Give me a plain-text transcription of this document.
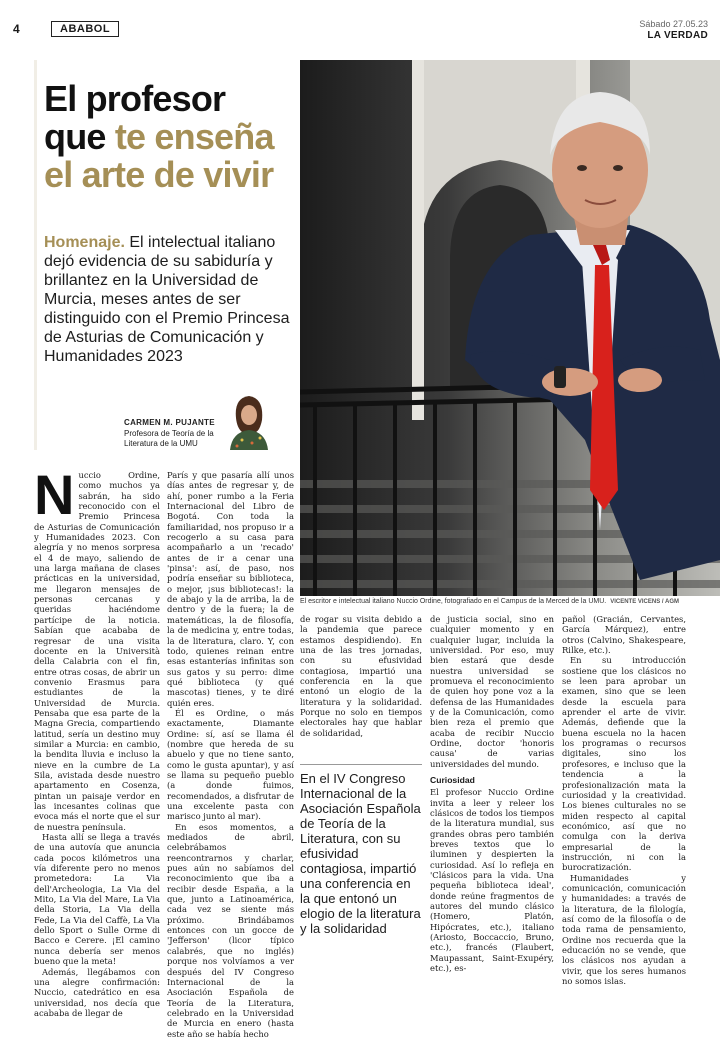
4	ABABOL	Sábado 27.05.23
LA VERDAD
El profesor
que te enseña
el arte de vivir
Homenaje. El intelectual italiano dejó evidencia de su sabiduría y brillantez en la Universidad de Murcia, meses antes de ser distinguido con el Premio Princesa de Asturias de Comunicación y Humanidades 2023
CARMEN M. PUJANTE
Profesora de Teoría de la Literatura de la UMU
El escritor e intelectual italiano Nuccio Ordine, fotografiado en el Campus de la Merced de la UMU. VICENTE VICENS / AGM

Nuccio Ordine, como muchos ya sabrán, ha sido reconocido con el Premio Princesa de Asturias de Comunicación y Humanidades 2023. Con alegría y no menos sorpresa el 4 de mayo, saliendo de una larga mañana de clases prácticas en la universidad, me llegaron mensajes de personas cercanas y queridas haciéndome partícipe de la noticia. Sabían que acababa de regresar de una visita docente en la Università della Calabria con el fin, entre otras cosas, de abrir un convenio Erasmus para estudiantes de la Universidad de Murcia. Pensaba que esa parte de la Magna Grecia, compartiendo latitud, sería un destino muy similar a Murcia: en cambio, la bendita lluvia e incluso la nieve en la cumbre de La Sila, avistada desde nuestro apartamento en Cosenza, pintan un paisaje verdor en las incesantes colinas que evoca más el norte que el sur de nuestra península.

Hasta allí se llega a través de una autovía que anuncia cada pocos kilómetros una vía diferente pero no menos prometedora: La Via dell'Archeologia, La Via del Mito, La Via del Mare, La Via della Storia, La Via della Fede, La Via del Caffè, La Via dello Sport o Sulle Orme di Bacco e Cerere. ¡El camino nunca debería ser menos bueno que la meta!

Además, llegábamos con una alegre confirmación: Nuccio, catedrático en esa universidad, nos decía que acababa de llegar de

París y que pasaría allí unos días antes de regresar y, de ahí, poner rumbo a la Feria Internacional del Libro de Bogotá. Con toda la familiaridad, nos propuso ir a recogerlo a su casa para acompañarlo a un 'recado' antes de ir a cenar una 'pinsa': así, de paso, nos podría enseñar su biblioteca, o mejor, ¡sus bibliotecas!: la de abajo y la de arriba, la de dentro y de la fuera; la de matemáticas, la de filosofía, la de medicina y, entre todas, la de literatura, claro. Y, con todo, quienes reinan entre esas estanterías infinitas son sus gatos y su perro: dime qué biblioteca (y qué mascotas) tienes, y te diré quién eres.

Él es Ordine, o más exactamente, Diamante Ordine: sí, así se llama él (nombre que hereda de su abuelo y que no tiene santo, como le gusta apuntar), y así se llama su pequeño pueblo (a donde fuimos, recomendados, a disfrutar de una excelente pasta con marisco junto al mar).

En esos momentos, a mediados de abril, celebrábamos reencontrarnos y charlar, pues aún no sabíamos del reconocimiento que iba a recibir desde España, a la que, junto a Latinoamérica, cada vez se siente más próximo. Brindábamos entonces con un gocce de 'Jefferson' (licor típico calabrés, que no inglés) porque nos volvíamos a ver después del IV Congreso Internacional de la Asociación Española de Teoría de la Literatura, celebrado en la Universidad de Murcia en enero (hasta este año se había hecho

de rogar su visita debido a la pandemia que parece estamos despidiendo). En una de las tres jornadas, con su efusividad contagiosa, impartió una conferencia en la que entonó un elogio de la literatura y la solidaridad. Porque no solo en tiempos electorales hay que hablar de solidaridad,

En el IV Congreso Internacional de la Asociación Española de Teoría de la Literatura, con su efusividad contagiosa, impartió una conferencia en la que entonó un elogio de la literatura y la solidaridad

de justicia social, sino en cualquier momento y en cualquier lugar, incluida la universidad. Por eso, muy bien estará que desde nuestra universidad se promueva el reconocimiento de quien hoy pone voz a la defensa de las Humanidades y de la Comunicación, como bien reza el premio que acaba de recibir Nuccio Ordine, doctor 'honoris causa' de varias universidades del mundo.

Curiosidad

El profesor Nuccio Ordine invita a leer y releer los clásicos de todos los tiempos de la literatura mundial, sus grandes obras pero también breves textos que lo iluminen y despierten la curiosidad. Así lo refleja en 'Clásicos para la vida. Una pequeña biblioteca ideal', donde reúne fragmentos de autores del mundo clásico (Homero, Platón, Hipócrates, etc.), italiano (Ariosto, Boccaccio, Bruno, etc.), francés (Flaubert, Maupassant, Saint-Exupéry, etc.), es-

pañol (Gracián, Cervantes, García Márquez), entre otros (Calvino, Shakespeare, Rilke, etc.).

En su introducción sostiene que los clásicos no se leen para aprobar un examen, sino que se leen desde la escuela para aprender el arte de vivir. Además, defiende que la buena escuela no la hacen los programas o recursos digitales, sino los profesores, e incluso que la tendencia a la profesionalización mata la curiosidad y la creatividad. Los bienes culturales no se miden respecto al capital económico, así que no comulga con la deriva empresarial de la instrucción, ni con la burocratización.

Humanidades y comunicación, comunicación y humanidades: a través de la literatura, de la filología, así como de la filosofía o de toda rama de pensamiento, Ordine nos recuerda que la educación no se vende, que los clásicos nos ayudan a vivir, que los seres humanos no somos islas.
